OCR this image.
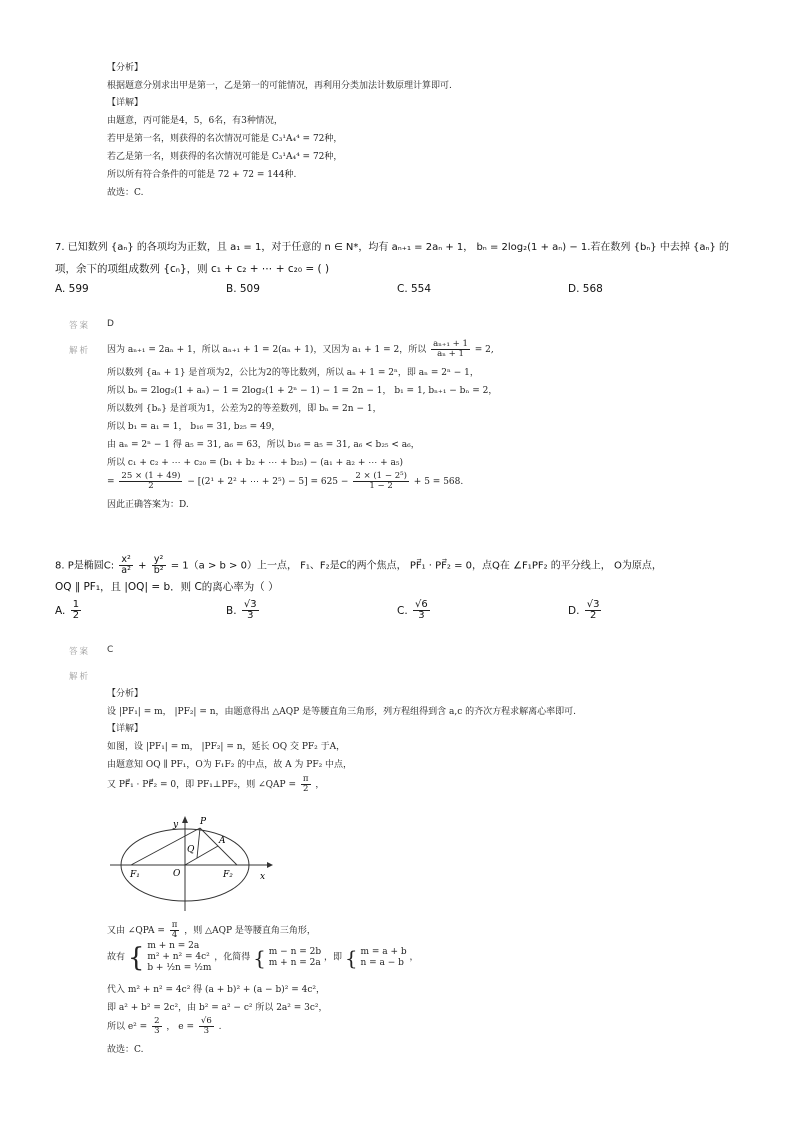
【分析】
根据题意分别求出甲是第一，乙是第一的可能情况，再利用分类加法计数原理计算即可.
【详解】
由题意，丙可能是4，5，6名，有3种情况，
若甲是第一名，则获得的名次情况可能是 C₃¹A₄⁴ = 72种，
若乙是第一名，则获得的名次情况可能是 C₃¹A₄⁴ = 72种，
所以所有符合条件的可能是 72 + 72 = 144种.
故选：C.
7. 已知数列 {aₙ} 的各项均为正数，且 a₁ = 1，对于任意的 n ∈ N*，均有 aₙ₊₁ = 2aₙ + 1， bₙ = 2log₂(1 + aₙ) − 1.若在数列 {bₙ} 中去掉 {aₙ} 的
项，余下的项组成数列 {cₙ}，则 c₁ + c₂ + ⋯ + c₂₀ = ( )
A. 599	B. 509	C. 554	D. 568
答案 D
解析 因为 aₙ₊₁ = 2aₙ + 1，所以 aₙ₊₁ + 1 = 2(aₙ + 1)，又因为 a₁ + 1 = 2，所以 $\frac{\text{aₙ₊₁ + 1}}{\text{aₙ + 1}} = 2$,
所以数列 {aₙ + 1} 是首项为2，公比为2的等比数列，所以 aₙ + 1 = 2ⁿ，即 aₙ = 2ⁿ − 1，
所以 bₙ = 2log₂(1 + aₙ) − 1 = 2log₂(1 + 2ⁿ − 1) − 1 = 2n − 1， b₁ = 1, bₙ₊₁ − bₙ = 2，
所以数列 {bₙ} 是首项为1，公差为2的等差数列，即 bₙ = 2n − 1，
所以 b₁ = a₁ = 1， b₁₆ = 31, b₂₅ = 49，
由 aₙ = 2ⁿ − 1 得 a₅ = 31, a₆ = 63，所以 b₁₆ = a₅ = 31, a₆ < b₂₅ < a₆，
所以 c₁ + c₂ + ⋯ + c₂₀ = (b₁ + b₂ + ⋯ + b₂₅) − (a₁ + a₂ + ⋯ + a₅)
= $\frac{25 \times (1 + 49)}{2} - [(2^1 + 2^2$ + ⋯ + $2^5) - 5] = 625 - \frac{\text{2 × (1 − 2⁵)}}{1 - 2} + 5 = 568$.
因此正确答案为：D.
8. P是椭圆C: $\frac{\text{x²}}{\text{a²}} + \frac{\text{y²}}{\text{b²}} = 1(a > b > 0)$上一点， F₁、F₂是C的两个焦点， PF⃗₁ · PF⃗₂ = 0，点Q在 ∠F₁PF₂ 的平分线上， O为原点，
OQ ∥ PF₁，且 |OQ| = b．则 C的离心率为（ ）
A. $\frac{1}{2}$	B. $\frac{√3}{3}$	C. $\frac{√6}{3}$	D. $\frac{√3}{2}$
答案 C
解析
【分析】
设 |PF₁| = m， |PF₂| = n，由题意得出 △AQP 是等腰直角三角形，列方程组得到含 a,c 的齐次方程求解离心率即可.
【详解】
如图，设 |PF₁| = m， |PF₂| = n，延长 OQ 交 PF₂ 于A，
由题意知 OQ ∥ PF₁，O为 F₁F₂ 的中点，故 A 为 PF₂ 中点，
又 PF⃗₁ · PF⃗₂ = 0，即 PF₁⊥PF₂，则 ∠QAP = $\frac{\pi}{2}$ ，
y
x
P
A
Q
O
F₁	F₂
又由 ∠QPA = $\frac{\pi}{4}$ ，则 △AQP 是等腰直角三角形，
故有 { m + n = 2a
m² + n² = 4c²
b + ½n = ½m
，化简得 { m − n = 2b
m + n = 2a ，即 { m = a + b
n = a − b ，
代入 m² + n² = 4c² 得 (a + b)² + (a − b)² = 4c²，
即 a² + b² = 2c²，由 b² = a² − c² 所以 2a² = 3c²，
所以 $e^2 = \frac{2}{3}$ ， $e = \frac{√6}{3}$ .
故选：C.
